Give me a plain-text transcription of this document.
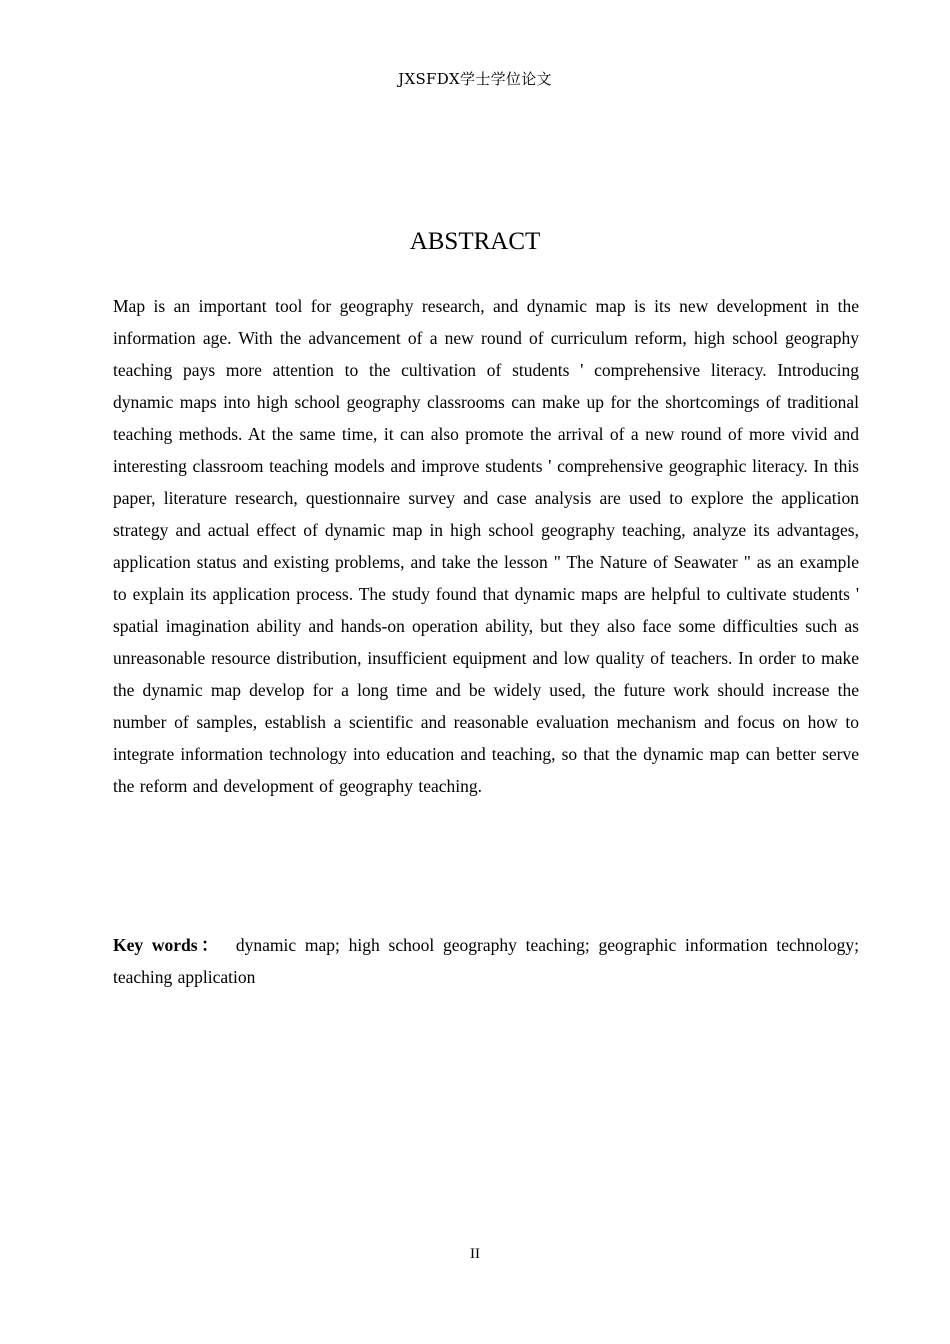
JXSFDX学士学位论文
ABSTRACT

Map is an important tool for geography research, and dynamic map is its new development in the information age. With the advancement of a new round of curriculum reform, high school geography teaching pays more attention to the cultivation of students ' comprehensive literacy. Introducing dynamic maps into high school geography classrooms can make up for the shortcomings of traditional teaching methods. At the same time, it can also promote the arrival of a new round of more vivid and interesting classroom teaching models and improve students ' comprehensive geographic literacy. In this paper, literature research, questionnaire survey and case analysis are used to explore the application strategy and actual effect of dynamic map in high school geography teaching, analyze its advantages, application status and existing problems, and take the lesson " The Nature of Seawater " as an example to explain its application process. The study found that dynamic maps are helpful to cultivate students ' spatial imagination ability and hands-on operation ability, but they also face some difficulties such as unreasonable resource distribution, insufficient equipment and low quality of teachers. In order to make the dynamic map develop for a long time and be widely used, the future work should increase the number of samples, establish a scientific and reasonable evaluation mechanism and focus on how to integrate information technology into education and teaching, so that the dynamic map can better serve the reform and development of geography teaching.

Key words： dynamic map; high school geography teaching; geographic information technology; teaching application

II
